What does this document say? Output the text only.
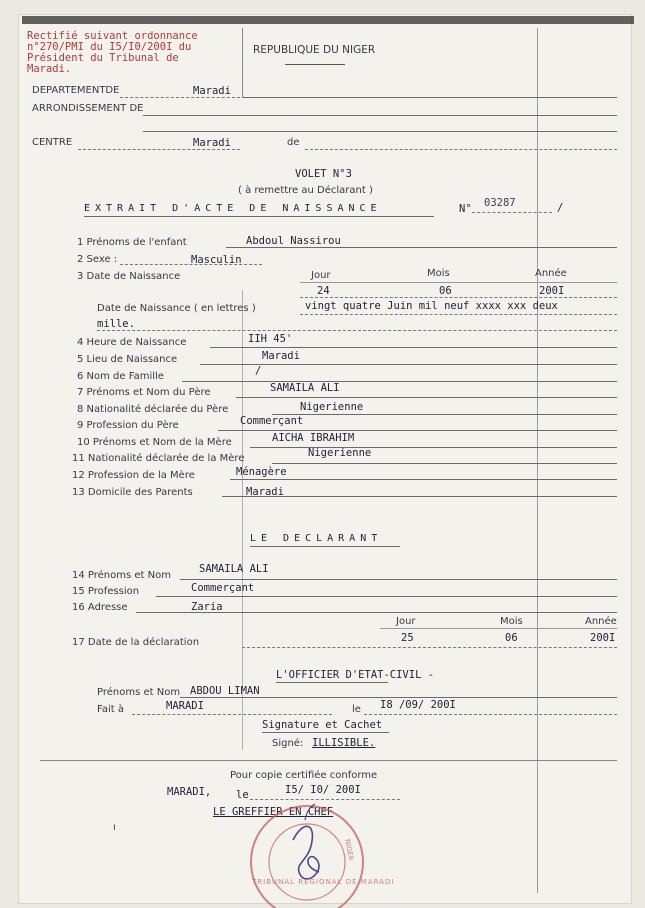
Rectifié suivant ordonnance
n°270/PMI du I5/I0/200I du
Président du Tribunal de
Maradi.
REPUBLIQUE DU NIGER
DEPARTEMENTDE	Maradi
ARRONDISSEMENT DE
CENTRE	Maradi	de
VOLET N°3
( à remettre au Déclarant )
EXTRAIT D'ACTE DE NAISSANCE	N° 03287	/
1 Prénoms de l'enfant	Abdoul Nassirou
2 Sexe :	Masculin
3 Date de Naissance	Jour	Mois	Année
24	06	200I
Date de Naissance ( en lettres )	vingt quatre Juin mil neuf xxxx xxx deux
mille.
4 Heure de Naissance	IIH 45'
5 Lieu de Naissance	Maradi
6 Nom de Famille	/
7 Prénoms et Nom du Père	SAMAILA ALI
8 Nationalité déclarée du Père	Nigerienne
9 Profession du Père	Commerçant
10 Prénoms et Nom de la Mère	AICHA IBRAHIM
11 Nationalité déclarée de la Mère	Nigerienne
12 Profession de la Mère	Ménagère
13 Domicile des Parents	Maradi
LE DECLARANT
14 Prénoms et Nom
SAMAILA ALI
15 Profession	Commerçant
16 Adresse	Zaria
Jour	Mois	Année
17 Date de la déclaration	25	06	200I
L'OFFICIER D'ETAT-CIVIL -
Prénoms et Nom ABDOU LIMAN
Fait à	MARADI	le I8 /09/ 200I
Signature et Cachet
Signé: ILLISIBLE.
Pour copie certifiée conforme
MARADI, le	I5/ I0/ 200I
LE GREFFIER EN CHEF
TRIBUNAL REGIONAL DE MARADI
NIGER
ı
